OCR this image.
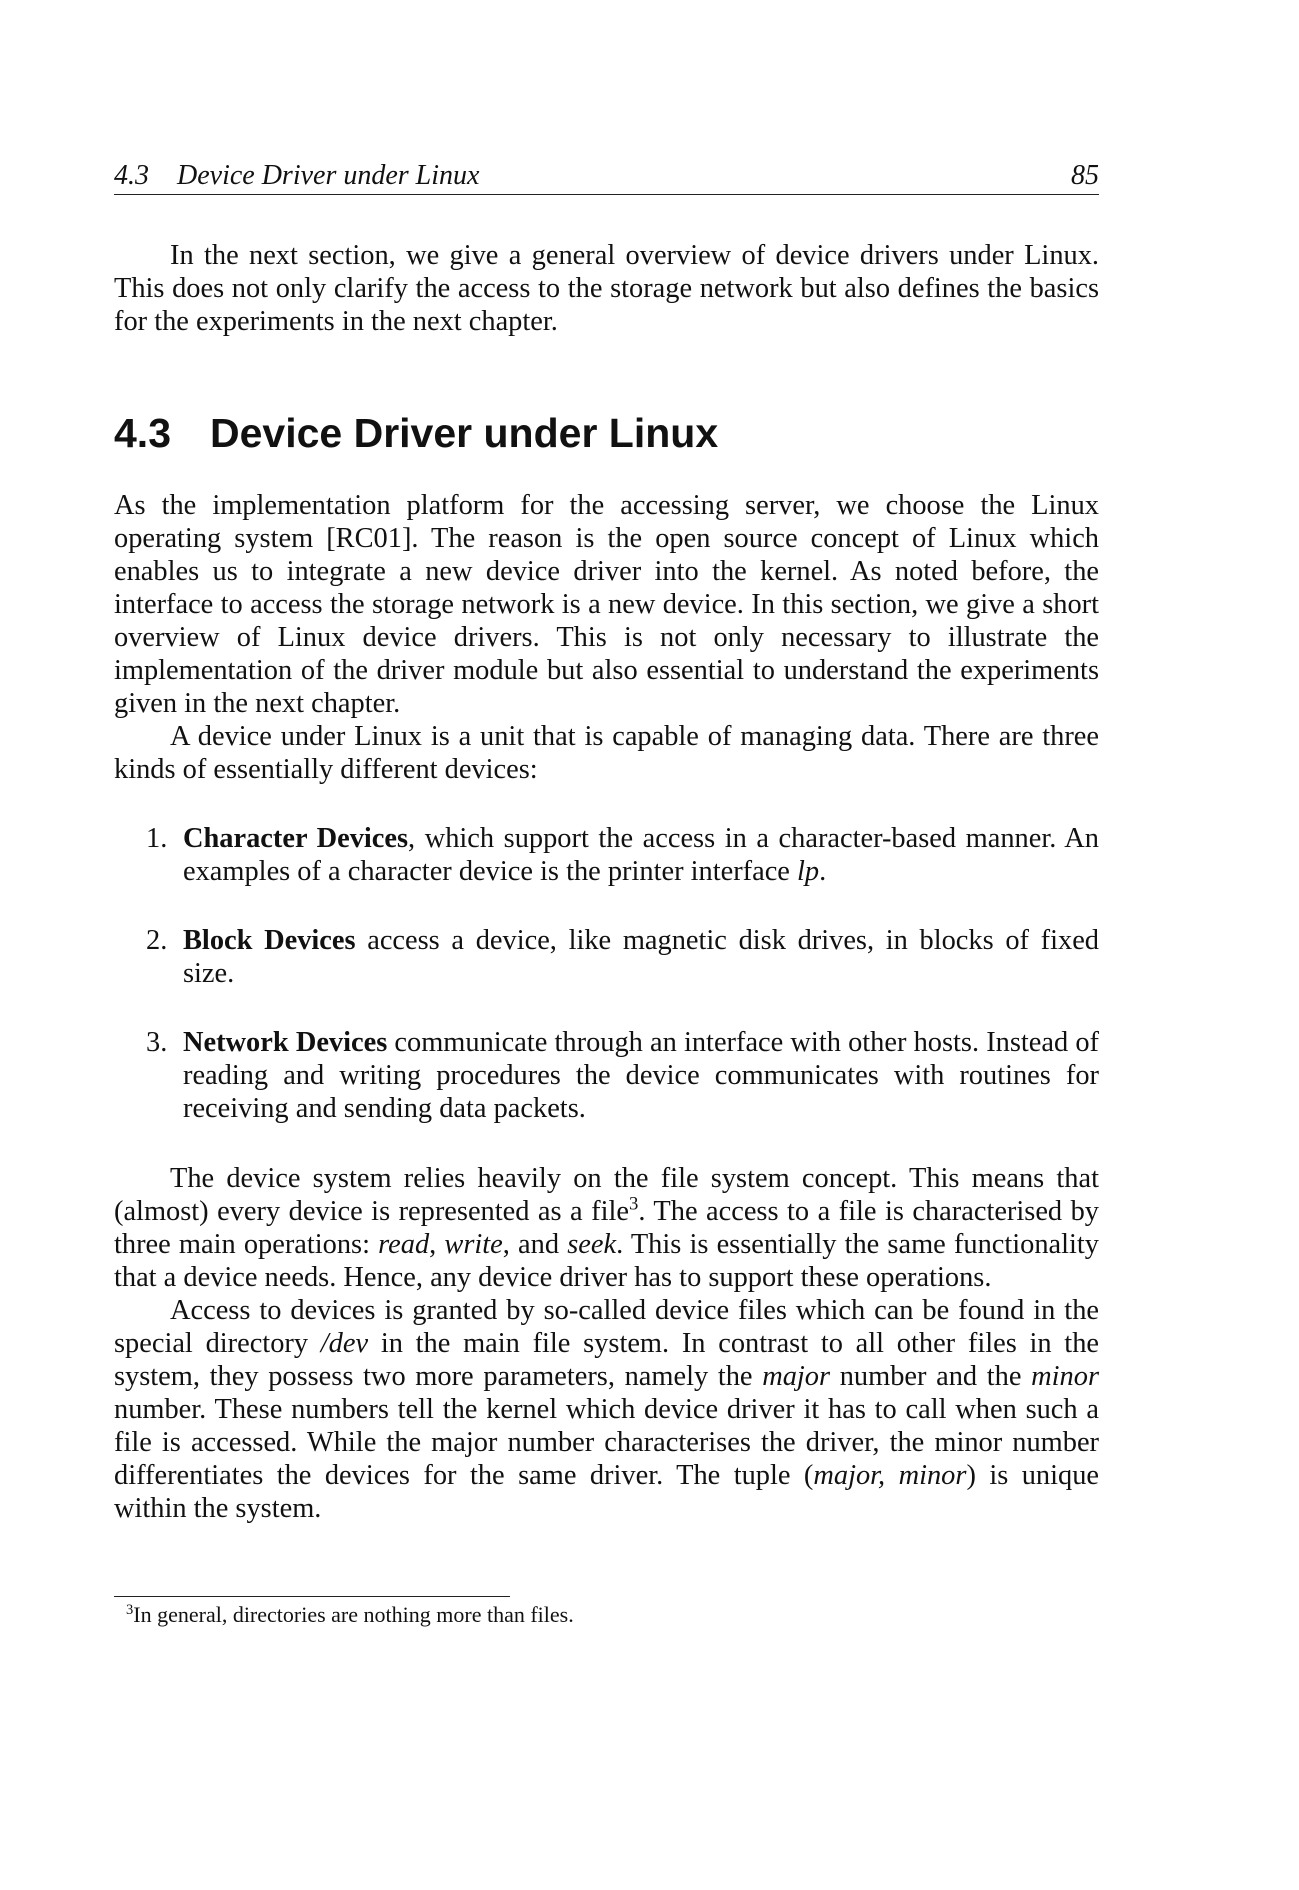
4.3 Device Driver under Linux	85

In the next section, we give a general overview of device drivers under Linux. This does not only clarify the access to the storage network but also defines the basics for the experiments in the next chapter.

4.3 Device Driver under Linux

As the implementation platform for the accessing server, we choose the Linux operating system [RC01]. The reason is the open source concept of Linux which enables us to integrate a new device driver into the kernel. As noted before, the interface to access the storage network is a new device. In this section, we give a short overview of Linux device drivers. This is not only necessary to illustrate the implementation of the driver module but also essential to understand the experiments given in the next chapter.

A device under Linux is a unit that is capable of managing data. There are three kinds of essentially different devices:

1. Character Devices, which support the access in a character-based manner. An examples of a character device is the printer interface lp.
2. Block Devices access a device, like magnetic disk drives, in blocks of fixed size.
3. Network Devices communicate through an interface with other hosts. Instead of reading and writing procedures the device communicates with routines for receiving and sending data packets.

The device system relies heavily on the file system concept. This means that (almost) every device is represented as a file$^3$. The access to a file is characterised by three main operations: read, write, and seek. This is essentially the same functionality that a device needs. Hence, any device driver has to support these operations.

Access to devices is granted by so-called device files which can be found in the special directory /dev in the main file system. In contrast to all other files in the system, they possess two more parameters, namely the major number and the minor number. These numbers tell the kernel which device driver it has to call when such a file is accessed. While the major number characterises the driver, the minor number differentiates the devices for the same driver. The tuple (major, minor) is unique within the system.

$^3$In general, directories are nothing more than files.
